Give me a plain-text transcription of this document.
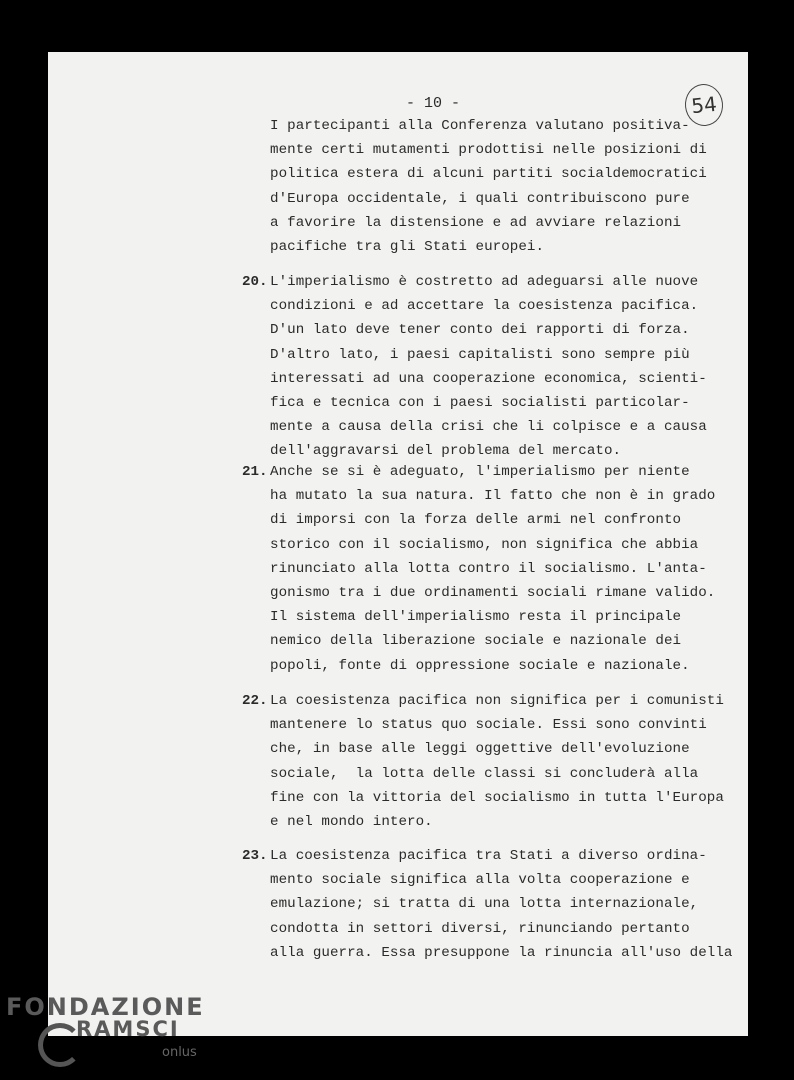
- 10 -	54
I partecipanti alla Conferenza valutano positiva-
mente certi mutamenti prodottisi nelle posizioni di
politica estera di alcuni partiti socialdemocratici
d'Europa occidentale, i quali contribuiscono pure
a favorire la distensione e ad avviare relazioni
pacifiche tra gli Stati europei.
20. L'imperialismo è costretto ad adeguarsi alle nuove
condizioni e ad accettare la coesistenza pacifica.
D'un lato deve tener conto dei rapporti di forza.
D'altro lato, i paesi capitalisti sono sempre più
interessati ad una cooperazione economica, scienti-
fica e tecnica con i paesi socialisti particolar-
mente a causa della crisi che li colpisce e a causa
dell'aggravarsi del problema del mercato.
21. Anche se si è adeguato, l'imperialismo per niente
ha mutato la sua natura. Il fatto che non è in grado
di imporsi con la forza delle armi nel confronto
storico con il socialismo, non significa che abbia
rinunciato alla lotta contro il socialismo. L'anta-
gonismo tra i due ordinamenti sociali rimane valido.
Il sistema dell'imperialismo resta il principale
nemico della liberazione sociale e nazionale dei
popoli, fonte di oppressione sociale e nazionale.
22. La coesistenza pacifica non significa per i comunisti
mantenere lo status quo sociale. Essi sono convinti
che, in base alle leggi oggettive dell'evoluzione
sociale,  la lotta delle classi si concluderà alla
fine con la vittoria del socialismo in tutta l'Europa
e nel mondo intero.
23. La coesistenza pacifica tra Stati a diverso ordina-
mento sociale significa alla volta cooperazione e
emulazione; si tratta di una lotta internazionale,
condotta in settori diversi, rinunciando pertanto
alla guerra. Essa presuppone la rinuncia all'uso della
FONDAZIONE
RAMSCI
onlus
